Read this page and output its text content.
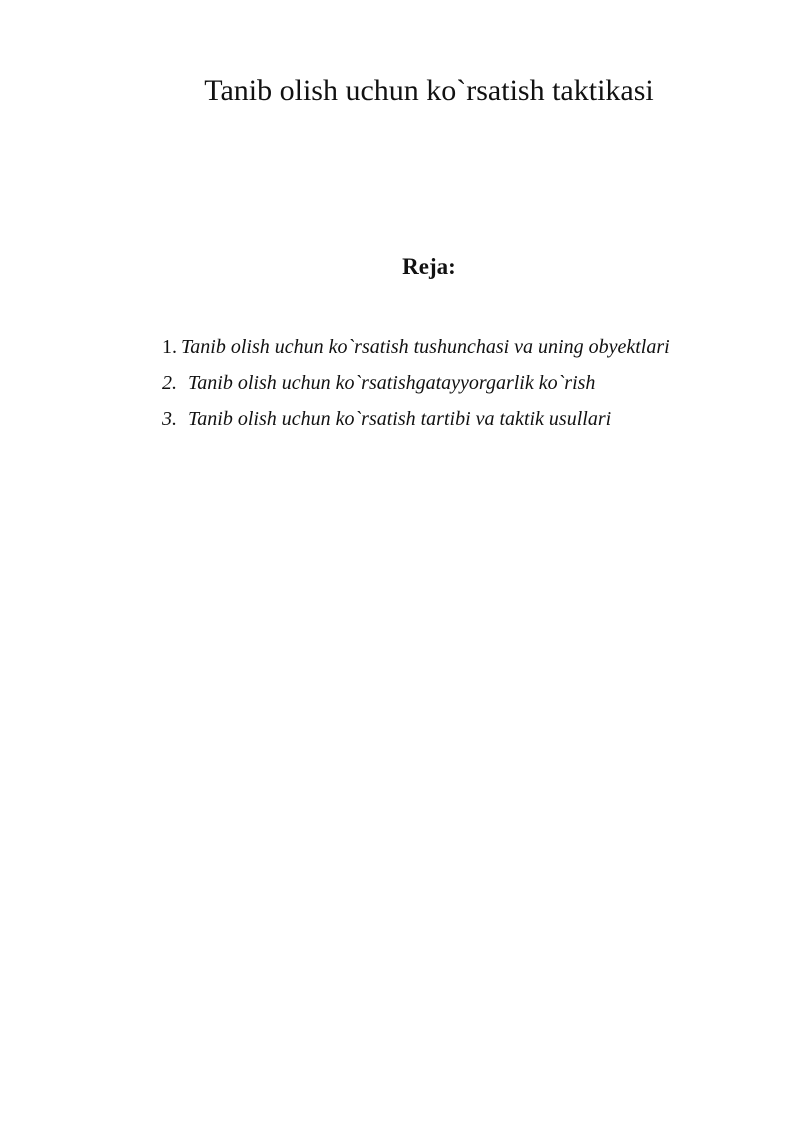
Tanib olish uchun ko`rsatish taktikasi
Reja:
1. Tanib olish uchun ko`rsatish tushunchasi va uning obyektlari
2. Tanib olish uchun ko`rsatishgatayyorgarlik ko`rish
3. Tanib olish uchun ko`rsatish tartibi va taktik usullari
